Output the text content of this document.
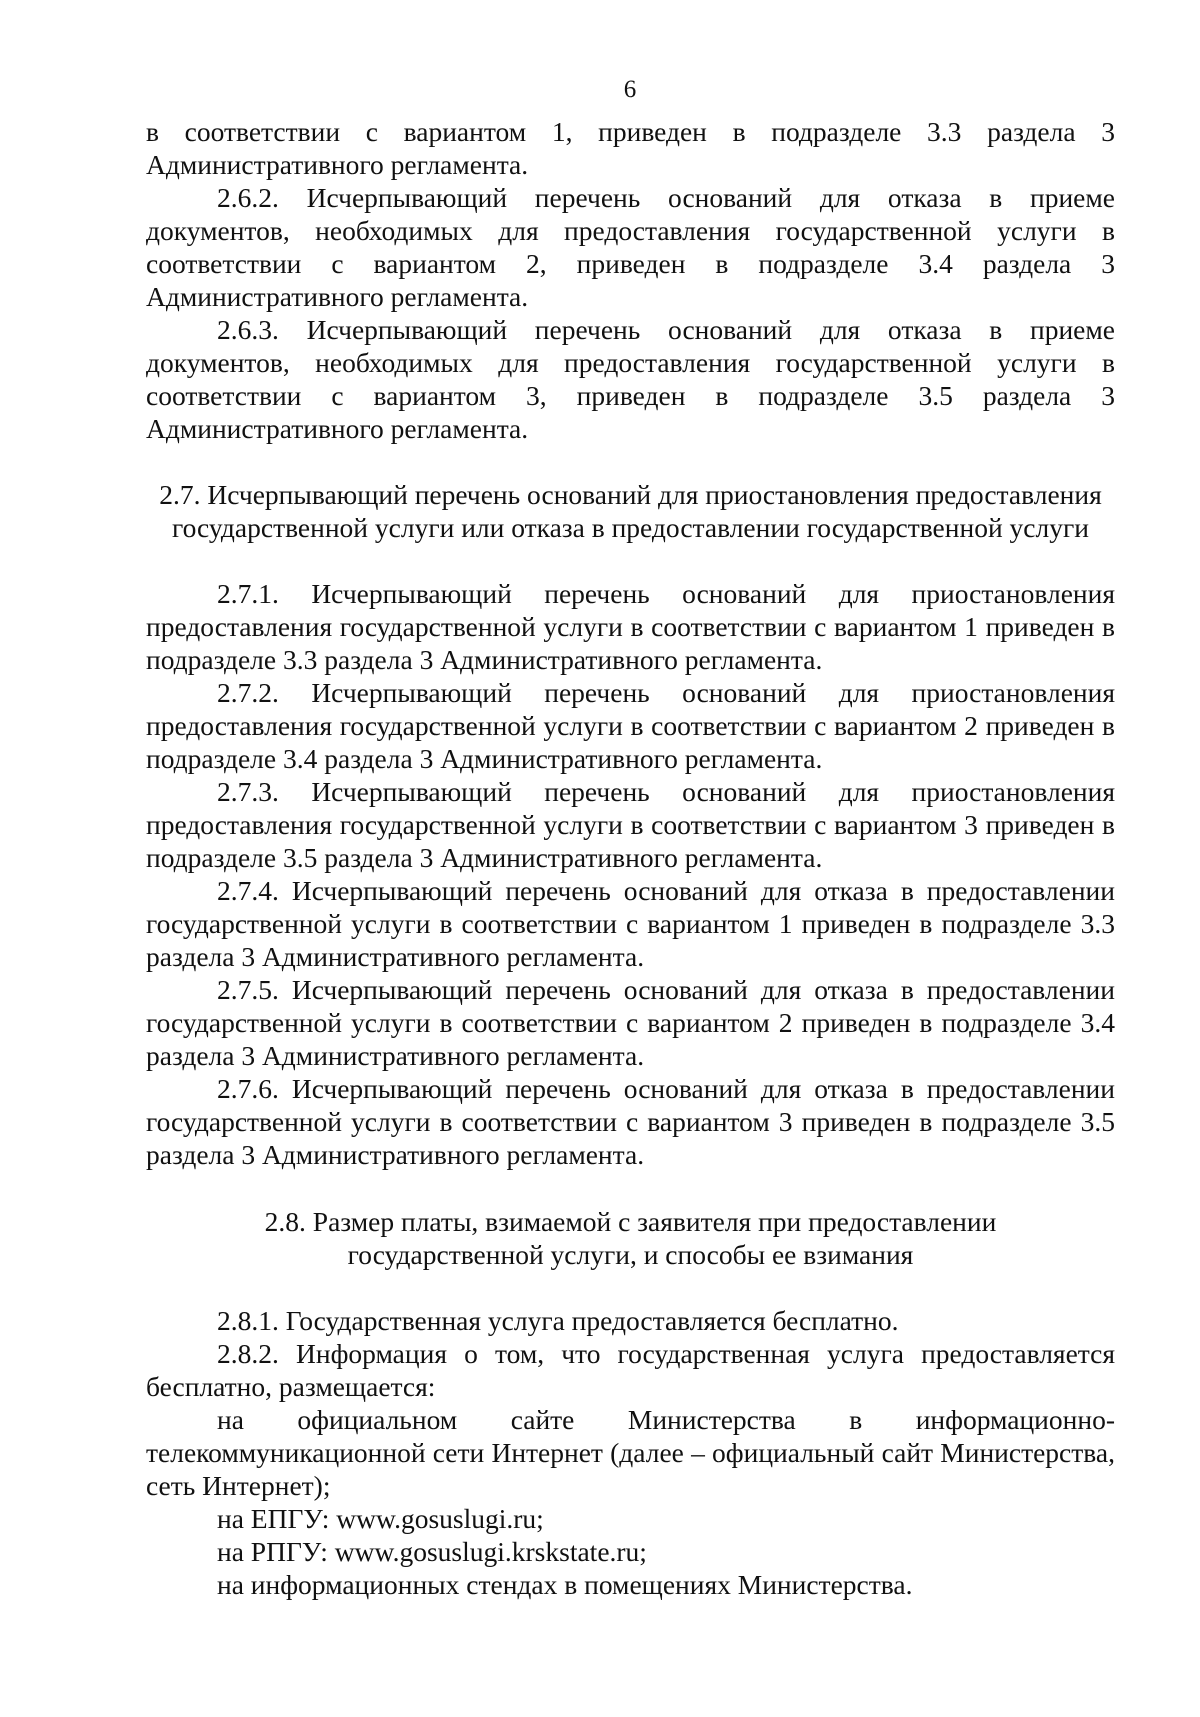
6

в соответствии с вариантом 1, приведен в подразделе 3.3 раздела 3 Административного регламента.

2.6.2. Исчерпывающий перечень оснований для отказа в приеме документов, необходимых для предоставления государственной услуги в соответствии с вариантом 2, приведен в подразделе 3.4 раздела 3 Административного регламента.

2.6.3. Исчерпывающий перечень оснований для отказа в приеме документов, необходимых для предоставления государственной услуги в соответствии с вариантом 3, приведен в подразделе 3.5 раздела 3 Административного регламента.

2.7. Исчерпывающий перечень оснований для приостановления предоставления

государственной услуги или отказа в предоставлении государственной услуги

2.7.1. Исчерпывающий перечень оснований для приостановления предоставления государственной услуги в соответствии с вариантом 1 приведен в подразделе 3.3 раздела 3 Административного регламента.

2.7.2. Исчерпывающий перечень оснований для приостановления предоставления государственной услуги в соответствии с вариантом 2 приведен в подразделе 3.4 раздела 3 Административного регламента.

2.7.3. Исчерпывающий перечень оснований для приостановления предоставления государственной услуги в соответствии с вариантом 3 приведен в подразделе 3.5 раздела 3 Административного регламента.

2.7.4. Исчерпывающий перечень оснований для отказа в предоставлении государственной услуги в соответствии с вариантом 1 приведен в подразделе 3.3 раздела 3 Административного регламента.

2.7.5. Исчерпывающий перечень оснований для отказа в предоставлении государственной услуги в соответствии с вариантом 2 приведен в подразделе 3.4 раздела 3 Административного регламента.

2.7.6. Исчерпывающий перечень оснований для отказа в предоставлении государственной услуги в соответствии с вариантом 3 приведен в подразделе 3.5 раздела 3 Административного регламента.

2.8. Размер платы, взимаемой с заявителя при предоставлении

государственной услуги, и способы ее взимания

2.8.1. Государственная услуга предоставляется бесплатно.

2.8.2. Информация о том, что государственная услуга предоставляется бесплатно, размещается:

на официальном сайте Министерства в информационно-телекоммуникационной сети Интернет (далее – официальный сайт Министерства, сеть Интернет);

на ЕПГУ: www.gosuslugi.ru;

на РПГУ: www.gosuslugi.krskstate.ru;

на информационных стендах в помещениях Министерства.
